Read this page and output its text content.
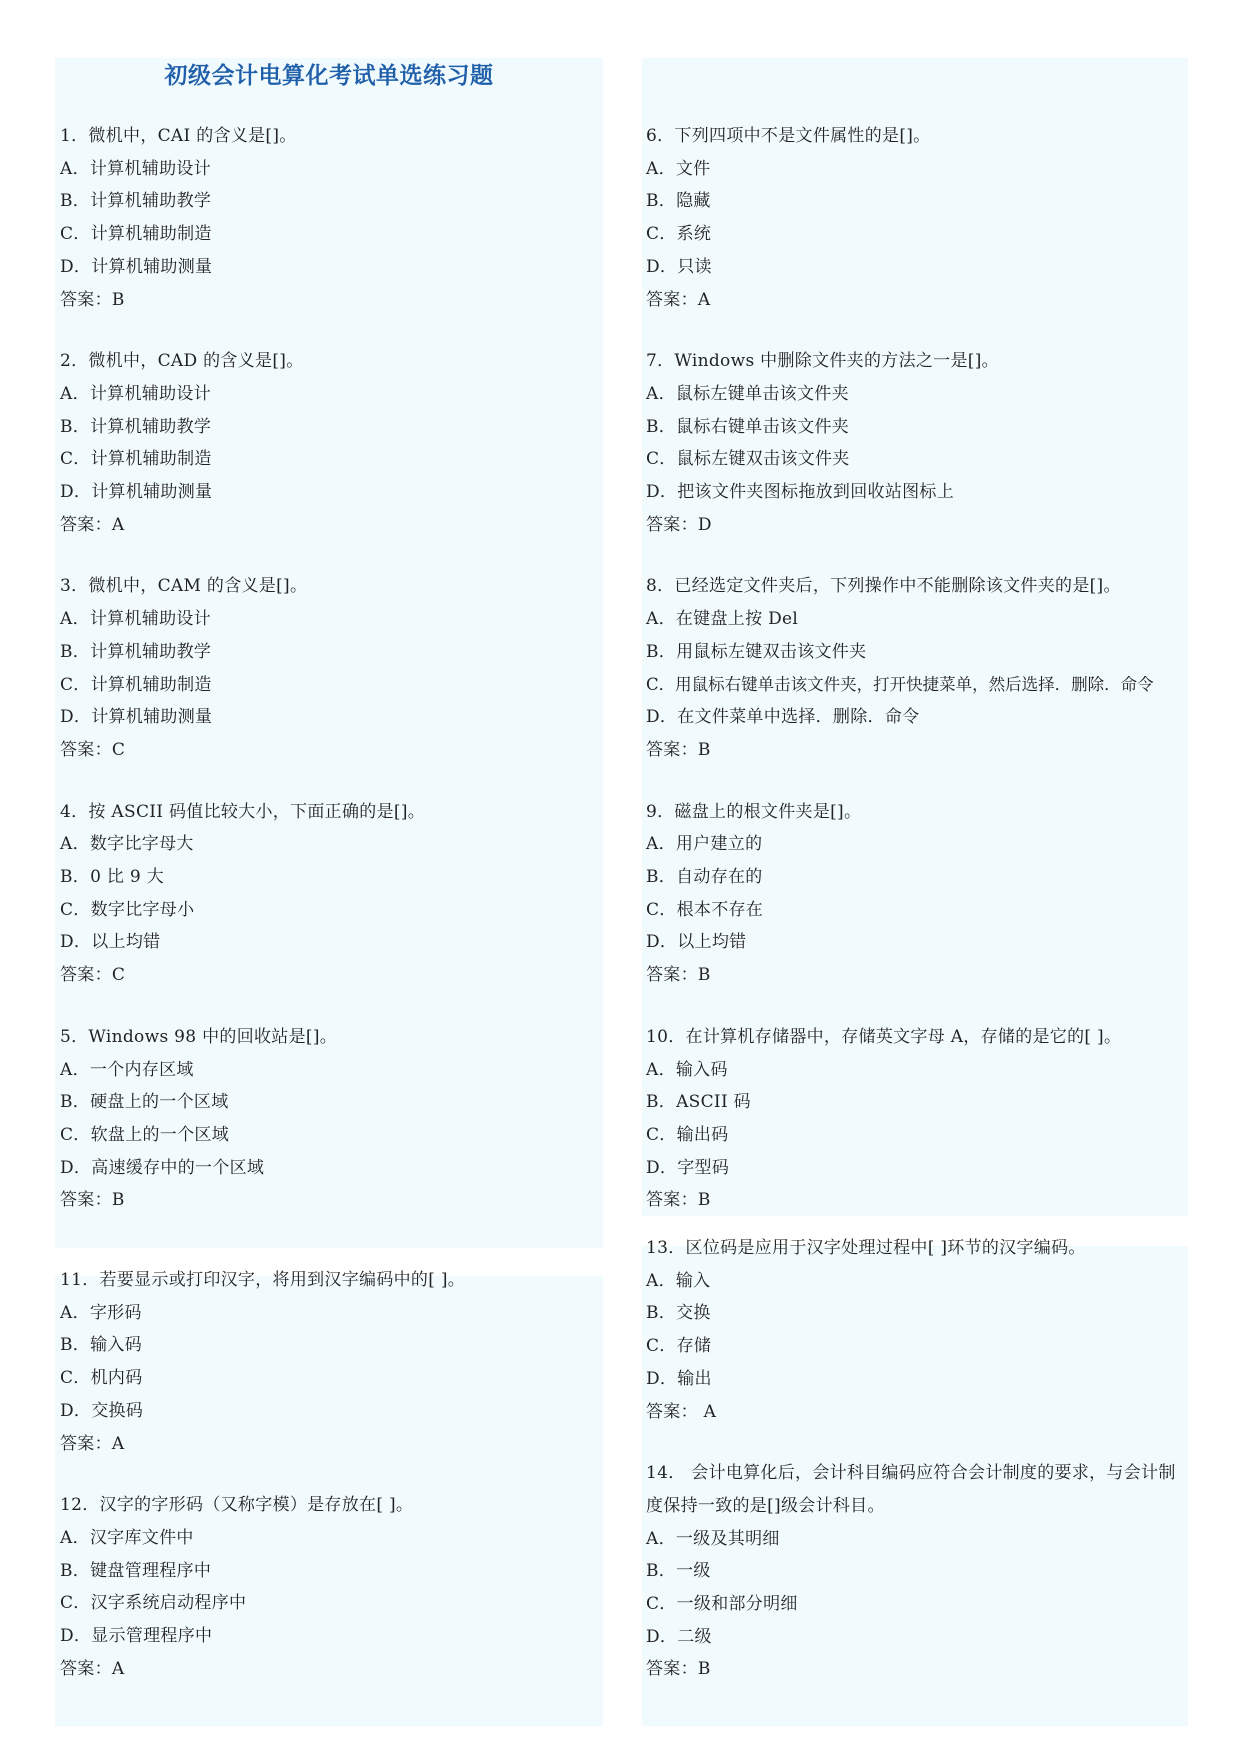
初级会计电算化考试单选练习题
1．微机中，CAI 的含义是[]。
A．计算机辅助设计
B．计算机辅助教学
C．计算机辅助制造
D．计算机辅助测量
答案：B
2．微机中，CAD 的含义是[]。
A．计算机辅助设计
B．计算机辅助教学
C．计算机辅助制造
D．计算机辅助测量
答案：A
3．微机中，CAM 的含义是[]。
A．计算机辅助设计
B．计算机辅助教学
C．计算机辅助制造
D．计算机辅助测量
答案：C
4．按 ASCII 码值比较大小，下面正确的是[]。
A．数字比字母大
B．0 比 9 大
C．数字比字母小
D．以上均错
答案：C
5．Windows 98 中的回收站是[]。
A．一个内存区域
B．硬盘上的一个区域
C．软盘上的一个区域
D．高速缓存中的一个区域
答案：B
6．下列四项中不是文件属性的是[]。
A．文件
B．隐藏
C．系统
D．只读
答案：A
7．Windows 中删除文件夹的方法之一是[]。
A．鼠标左键单击该文件夹
B．鼠标右键单击该文件夹
C．鼠标左键双击该文件夹
D．把该文件夹图标拖放到回收站图标上
答案：D
8．已经选定文件夹后，下列操作中不能删除该文件夹的是[]。
A．在键盘上按 Del
B．用鼠标左键双击该文件夹
C．用鼠标右键单击该文件夹，打开快捷菜单，然后选择．删除．命令
D．在文件菜单中选择．删除．命令
答案：B
9．磁盘上的根文件夹是[]。
A．用户建立的
B．自动存在的
C．根本不存在
D．以上均错
答案：B
10．在计算机存储器中，存储英文字母 A，存储的是它的[ ]。
A．输入码
B．ASCII 码
C．输出码
D．字型码
答案：B
11．若要显示或打印汉字，将用到汉字编码中的[ ]。
A．字形码
B．输入码
C．机内码
D．交换码
答案：A
12．汉字的字形码（又称字模）是存放在[ ]。
A．汉字库文件中
B．键盘管理程序中
C．汉字系统启动程序中
D．显示管理程序中
答案：A
13．区位码是应用于汉字处理过程中[ ]环节的汉字编码。
A．输入
B．交换
C．存储
D．输出
答案： A
14． 会计电算化后，会计科目编码应符合会计制度的要求，与会计制度保持一致的是[]级会计科目。
A．一级及其明细
B．一级
C．一级和部分明细
D．二级
答案：B
